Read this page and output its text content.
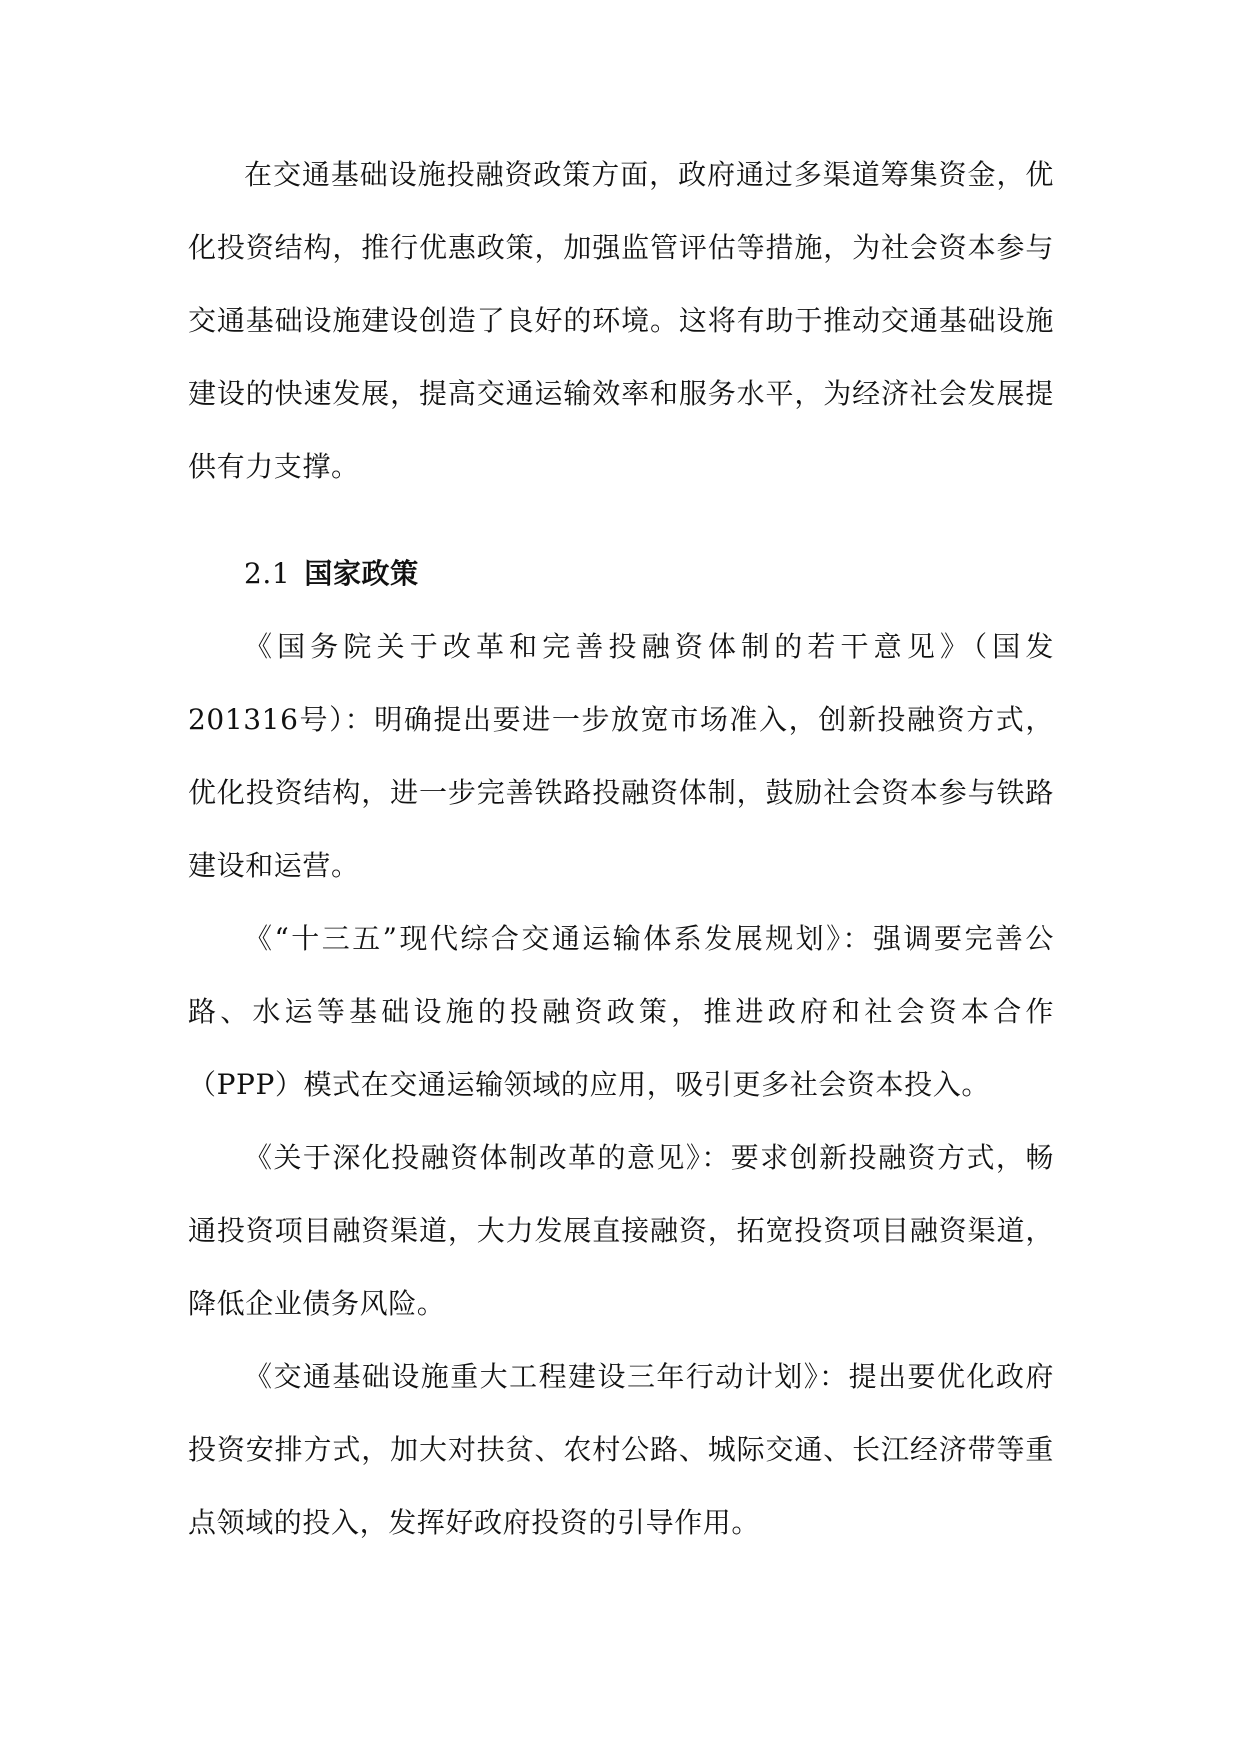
在交通基础设施投融资政策方面，政府通过多渠道筹集资金，优化投资结构，推行优惠政策，加强监管评估等措施，为社会资本参与交通基础设施建设创造了良好的环境。这将有助于推动交通基础设施建设的快速发展，提高交通运输效率和服务水平，为经济社会发展提供有力支撑。

2.1 国家政策

《国务院关于改革和完善投融资体制的若干意见》（国发201316号）：明确提出要进一步放宽市场准入，创新投融资方式，优化投资结构，进一步完善铁路投融资体制，鼓励社会资本参与铁路建设和运营。

《“十三五”现代综合交通运输体系发展规划》：强调要完善公路、水运等基础设施的投融资政策，推进政府和社会资本合作（PPP）模式在交通运输领域的应用，吸引更多社会资本投入。

《关于深化投融资体制改革的意见》：要求创新投融资方式，畅通投资项目融资渠道，大力发展直接融资，拓宽投资项目融资渠道，降低企业债务风险。

《交通基础设施重大工程建设三年行动计划》：提出要优化政府投资安排方式，加大对扶贫、农村公路、城际交通、长江经济带等重点领域的投入，发挥好政府投资的引导作用。
